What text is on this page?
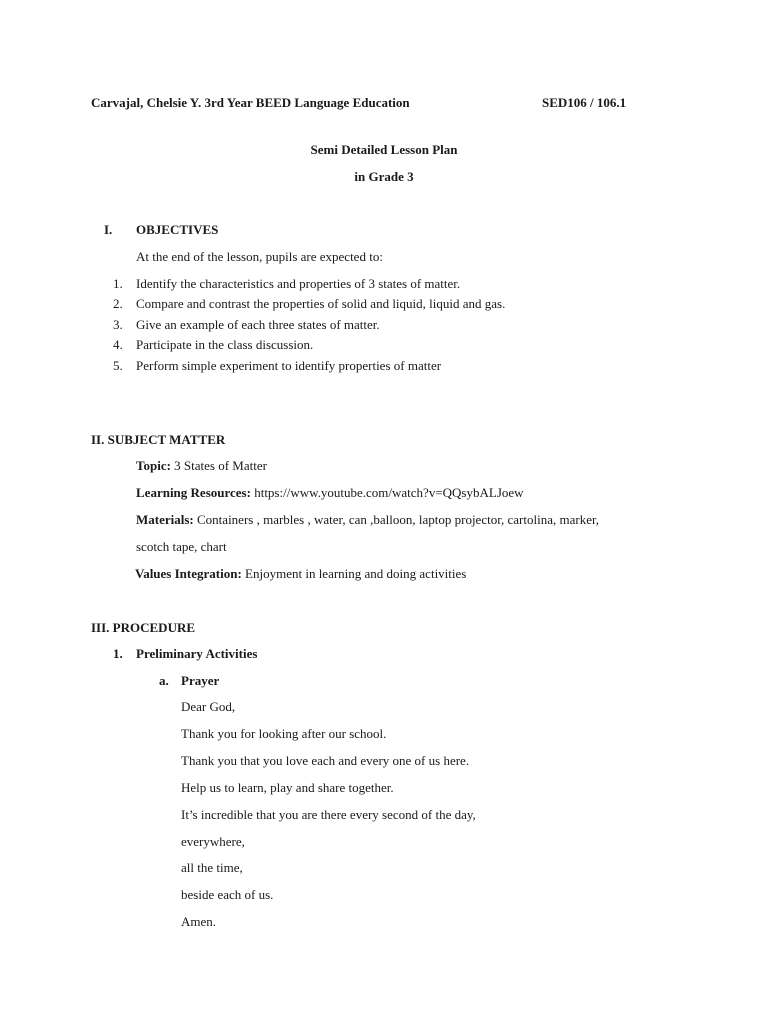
Carvajal, Chelsie Y. 3rd Year BEED Language Education	SED106 / 106.1
Semi Detailed Lesson Plan
in Grade 3
I. OBJECTIVES
At the end of the lesson, pupils are expected to:
1. Identify the characteristics and properties of 3 states of matter.
2. Compare and contrast the properties of solid and liquid, liquid and gas.
3. Give an example of each three states of matter.
4. Participate in the class discussion.
5. Perform simple experiment to identify properties of matter
II. SUBJECT MATTER
Topic: 3 States of Matter
Learning Resources: https://www.youtube.com/watch?v=QQsybALJoew
Materials: Containers , marbles , water, can ,balloon, laptop projector, cartolina, marker,
scotch tape, chart
Values Integration: Enjoyment in learning and doing activities
III. PROCEDURE
1. Preliminary Activities
a. Prayer
Dear God,
Thank you for looking after our school.
Thank you that you love each and every one of us here.
Help us to learn, play and share together.
It’s incredible that you are there every second of the day,
everywhere,
all the time,
beside each of us.
Amen.
